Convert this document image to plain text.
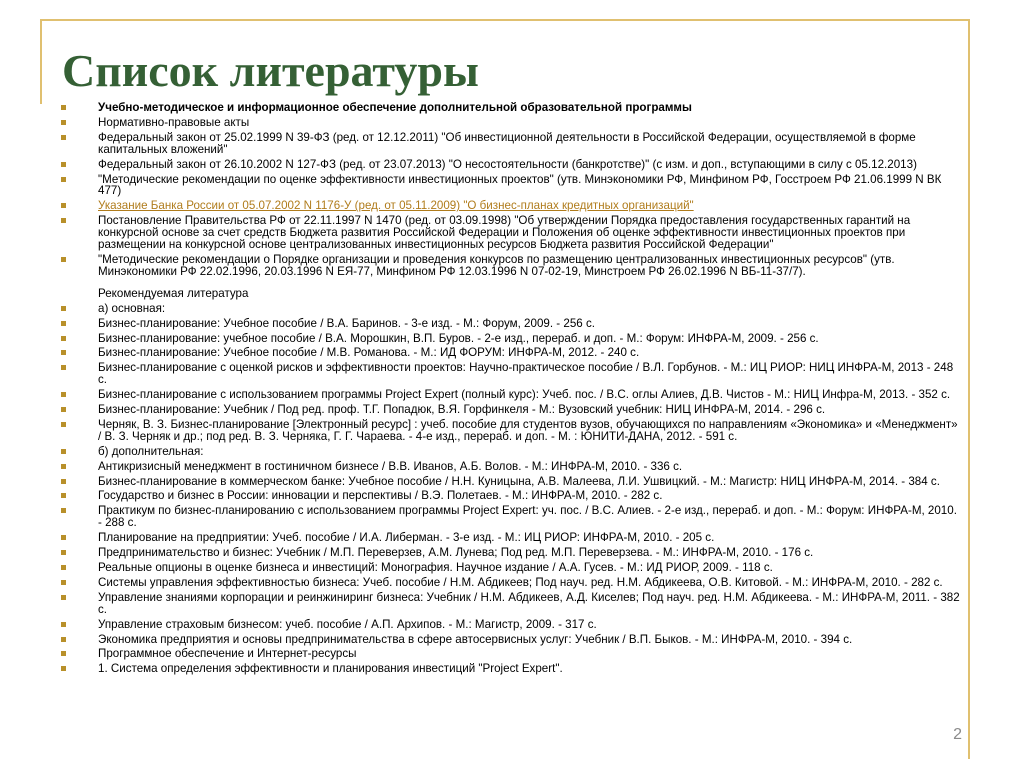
Список литературы
Учебно-методическое и информационное обеспечение дополнительной образовательной программы
Нормативно-правовые акты
Федеральный закон от 25.02.1999 N 39-ФЗ (ред. от 12.12.2011) "Об инвестиционной деятельности в Российской Федерации, осуществляемой в форме капитальных вложений"
Федеральный закон от 26.10.2002 N 127-ФЗ (ред. от 23.07.2013) "О несостоятельности (банкротстве)" (с изм. и доп., вступающими в силу с 05.12.2013)
"Методические рекомендации по оценке эффективности инвестиционных проектов" (утв. Минэкономики РФ, Минфином РФ, Госстроем РФ 21.06.1999 N ВК 477)
Указание Банка России от 05.07.2002 N 1176-У (ред. от 05.11.2009) "О бизнес-планах кредитных организаций"
Постановление Правительства РФ от 22.11.1997 N 1470 (ред. от 03.09.1998) "Об утверждении Порядка предоставления государственных гарантий на конкурсной основе за счет средств Бюджета развития Российской Федерации и Положения об оценке эффективности инвестиционных проектов при размещении на конкурсной основе централизованных инвестиционных ресурсов Бюджета развития Российской Федерации"
"Методические рекомендации о Порядке организации и проведения конкурсов по размещению централизованных инвестиционных ресурсов" (утв. Минэкономики РФ 22.02.1996, 20.03.1996 N ЕЯ-77, Минфином РФ 12.03.1996 N 07-02-19, Минстроем РФ 26.02.1996 N ВБ-11-37/7).
Рекомендуемая литература
а) основная:
Бизнес-планирование: Учебное пособие / В.А. Баринов. - 3-е изд. - М.: Форум, 2009. - 256 с.
Бизнес-планирование: учебное пособие / В.А. Морошкин, В.П. Буров. - 2-е изд., перераб. и доп. - М.: Форум: ИНФРА-М, 2009. - 256 с.
Бизнес-планирование: Учебное пособие / М.В. Романова. - М.: ИД ФОРУМ: ИНФРА-М, 2012. - 240 с.
Бизнес-планирование с оценкой рисков и эффективности проектов: Научно-практическое пособие / В.Л. Горбунов. - М.: ИЦ РИОР: НИЦ ИНФРА-М, 2013 - 248 с.
Бизнес-планирование с использованием программы Project Expert (полный курс): Учеб. пос. / В.С. оглы Алиев, Д.В. Чистов - М.: НИЦ Инфра-М, 2013. - 352 с.
Бизнес-планирование: Учебник / Под ред. проф. Т.Г. Попадюк, В.Я. Горфинкеля - М.: Вузовский учебник: НИЦ ИНФРА-М, 2014. - 296 с.
Черняк, В. З. Бизнес-планирование [Электронный ресурс] : учеб. пособие для студентов вузов, обучающихся по направлениям «Экономика» и «Менеджмент» / В. З. Черняк и др.; под ред. В. З. Черняка, Г. Г. Чараева. - 4-е изд., перераб. и доп. - М. : ЮНИТИ-ДАНА, 2012. - 591 с.
б) дополнительная:
Антикризисный менеджмент в гостиничном бизнесе / В.В. Иванов, А.Б. Волов. - М.: ИНФРА-М, 2010. - 336 с.
Бизнес-планирование в коммерческом банке: Учебное пособие / Н.Н. Куницына, А.В. Малеева, Л.И. Ушвицкий. - М.: Магистр: НИЦ ИНФРА-М, 2014. - 384 с.
Государство и бизнес в России: инновации и перспективы / В.Э. Полетаев. - М.: ИНФРА-М, 2010. - 282 с.
Практикум по бизнес-планированию с использованием программы Project Expert: уч. пос. / В.С. Алиев. - 2-е изд., перераб. и доп. - М.: Форум: ИНФРА-М, 2010. - 288 с.
Планирование на предприятии: Учеб. пособие / И.А. Либерман. - 3-е изд. - М.: ИЦ РИОР: ИНФРА-М, 2010. - 205 с.
Предпринимательство и бизнес: Учебник / М.П. Переверзев, А.М. Лунева; Под ред. М.П. Переверзева. - М.: ИНФРА-М, 2010. - 176 с.
Реальные опционы в оценке бизнеса и инвестиций: Монография. Научное издание / А.А. Гусев. - М.: ИД РИОР, 2009. - 118 с.
Системы управления эффективностью бизнеса: Учеб. пособие / Н.М. Абдикеев; Под науч. ред. Н.М. Абдикеева, О.В. Китовой. - М.: ИНФРА-М, 2010. - 282 с.
Управление знаниями корпорации и реинжиниринг бизнеса: Учебник / Н.М. Абдикеев, А.Д. Киселев; Под науч. ред. Н.М. Абдикеева. - М.: ИНФРА-М, 2011. - 382 с.
Управление страховым бизнесом: учеб. пособие / А.П. Архипов. - М.: Магистр, 2009. - 317 с.
Экономика предприятия и основы предпринимательства в сфере автосервисных услуг: Учебник / В.П. Быков. - М.: ИНФРА-М, 2010. - 394 с.
Программное обеспечение и Интернет-ресурсы
1. Система определения эффективности и планирования инвестиций "Project Expert".
2
